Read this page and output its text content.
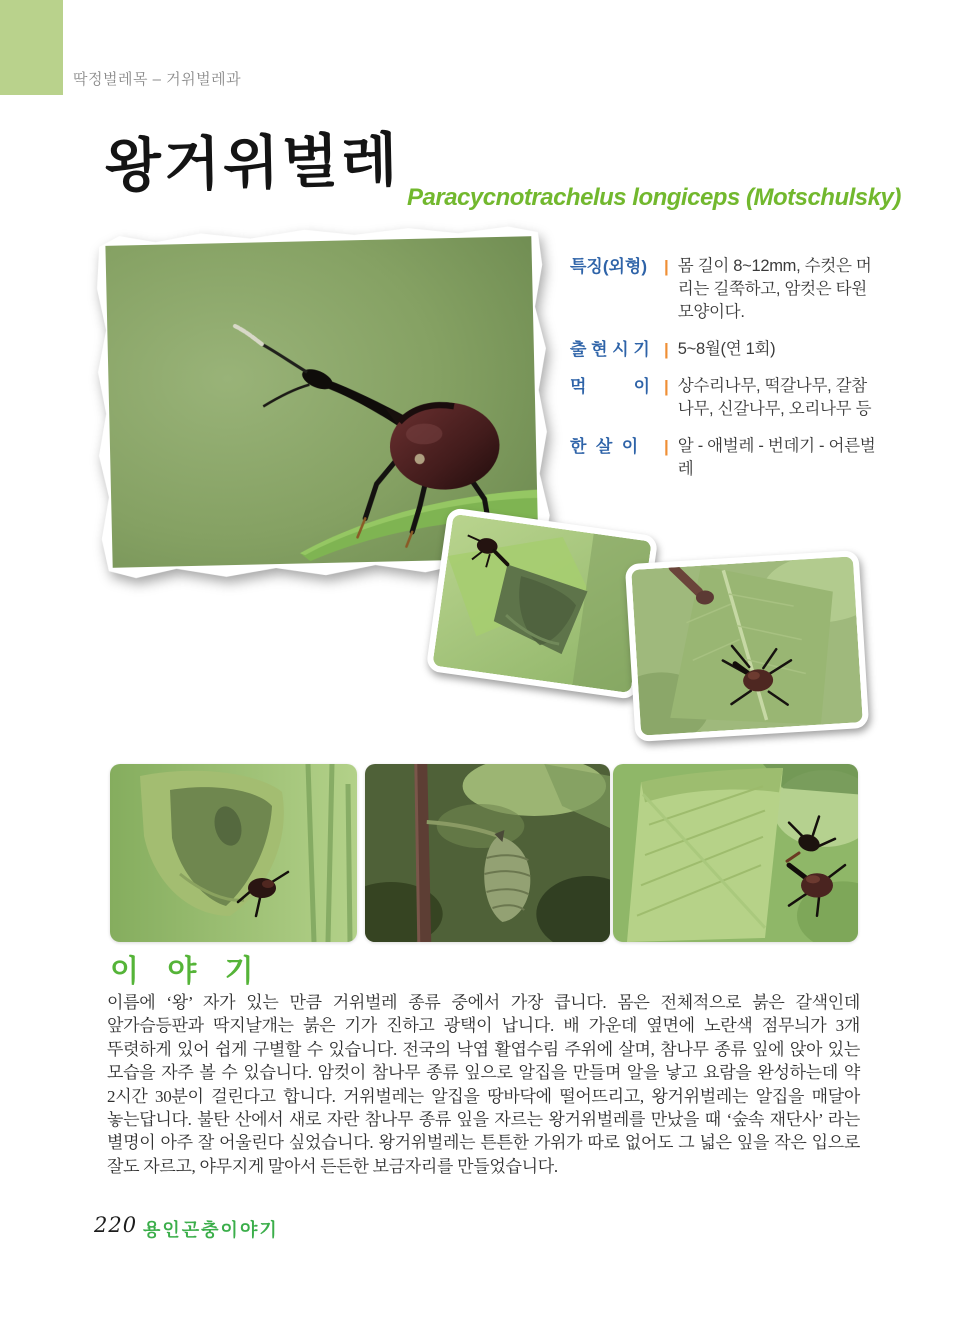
딱정벌레목 – 거위벌레과
왕거위벌레 Paracycnotrachelus longiceps (Motschulsky)
특징(외형) | 몸 길이 8~12mm, 수컷은 머리는 길쭉하고, 암컷은 타원 모양이다.
출 현 시 기 | 5~8월(연 1회)
먹          이 | 상수리나무, 떡갈나무, 갈참나무, 신갈나무, 오리나무 등
한  살  이	| 알 - 애벌레 - 번데기 - 어른벌레
이 야 기
이름에 ‘왕’ 자가 있는 만큼 거위벌레 종류 중에서 가장 큽니다. 몸은 전체적으로 붉은 갈색인데 앞가슴등판과 딱지날개는 붉은 기가 진하고 광택이 납니다. 배 가운데 옆면에 노란색 점무늬가 3개 뚜렷하게 있어 쉽게 구별할 수 있습니다. 전국의 낙엽 활엽수림 주위에 살며, 참나무 종류 잎에 앉아 있는 모습을 자주 볼 수 있습니다. 암컷이 참나무 종류 잎으로 알집을 만들며 알을 낳고 요람을 완성하는데 약 2시간 30분이 걸린다고 합니다. 거위벌레는 알집을 땅바닥에 떨어뜨리고, 왕거위벌레는 알집을 매달아 놓는답니다. 불탄 산에서 새로 자란 참나무 종류 잎을 자르는 왕거위벌레를 만났을 때 ‘숲속 재단사’ 라는 별명이 아주 잘 어울린다 싶었습니다. 왕거위벌레는 튼튼한 가위가 따로 없어도 그 넓은 잎을 작은 입으로 잘도 자르고, 야무지게 말아서 든든한 보금자리를 만들었습니다.
220 용인곤충이야기
